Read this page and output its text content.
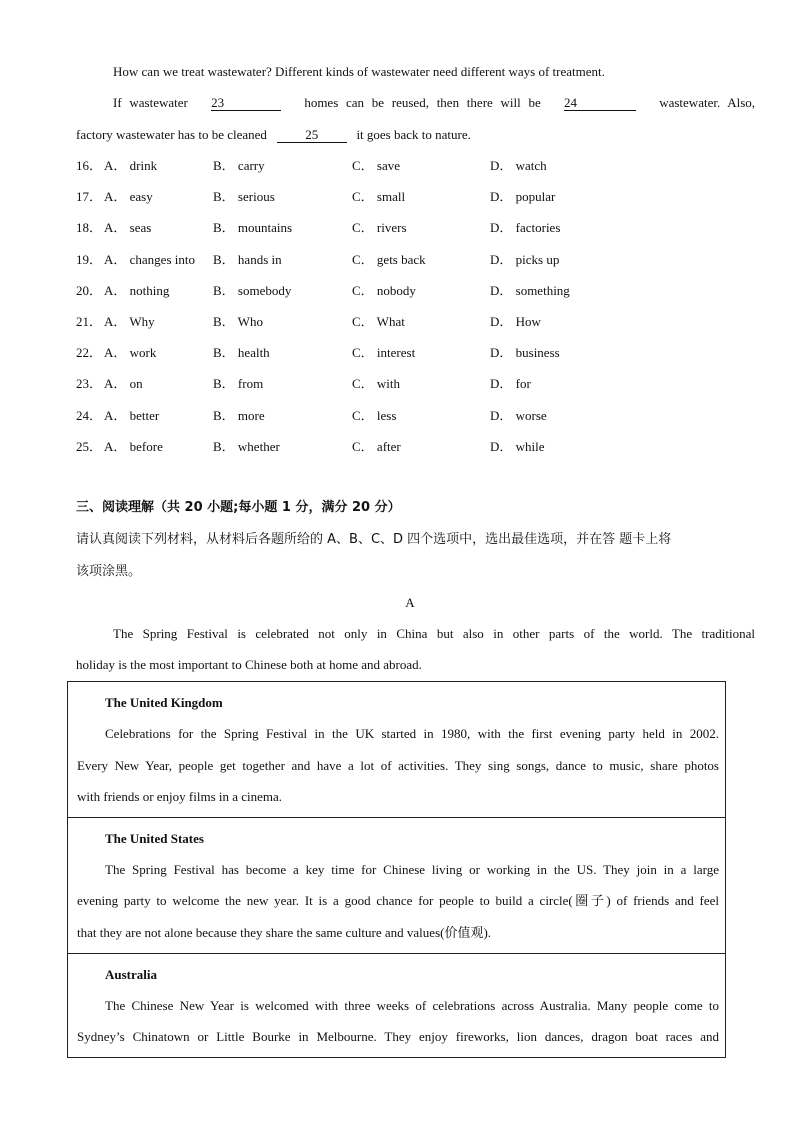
How can we treat wastewater? Different kinds of wastewater need different ways of treatment.
If wastewater 23	homes can be reused, then there will be 24	wastewater. Also,
factory wastewater has to be cleaned	25	it goes back to nature.
16． A． drink	B． carry	C． save	D． watch
17． A． easy	B． serious	C． small	D． popular
18． A． seas	B． mountains	C． rivers	D． factories
19． A． changes into B． hands in	C． gets back	D． picks up
20． A． nothing	B． somebody	C． nobody	D． something
21． A． Why	B． Who	C． What	D． How
22． A． work	B． health	C． interest	D． business
23． A． on	B． from	C． with	D． for
24． A． better	B． more	C． less	D． worse
25． A． before	B． whether	C． after	D． while
三、阅读理解（共 20 小题;每小题 1 分，满分 20 分）
请认真阅读下列材料，从材料后各题所给的 A、B、C、D 四个选项中，选出最佳选项，并在答 题卡上将
该项涂黑。
A
The Spring Festival is celebrated not only in China but also in other parts of the world. The traditional
holiday is the most important to Chinese both at home and abroad.
The United Kingdom
Celebrations for the Spring Festival in the UK started in 1980, with the first evening party held in 2002.
Every New Year, people get together and have a lot of activities. They sing songs, dance to music, share photos
with friends or enjoy films in a cinema.
The United States
The Spring Festival has become a key time for Chinese living or working in the US. They join in a large
evening party to welcome the new year. It is a good chance for people to build a circle(圈子) of friends and feel
that they are not alone because they share the same culture and values(价值观).
Australia
The Chinese New Year is welcomed with three weeks of celebrations across Australia. Many people come to
Sydney’s Chinatown or Little Bourke in Melbourne. They enjoy fireworks, lion dances, dragon boat races and
